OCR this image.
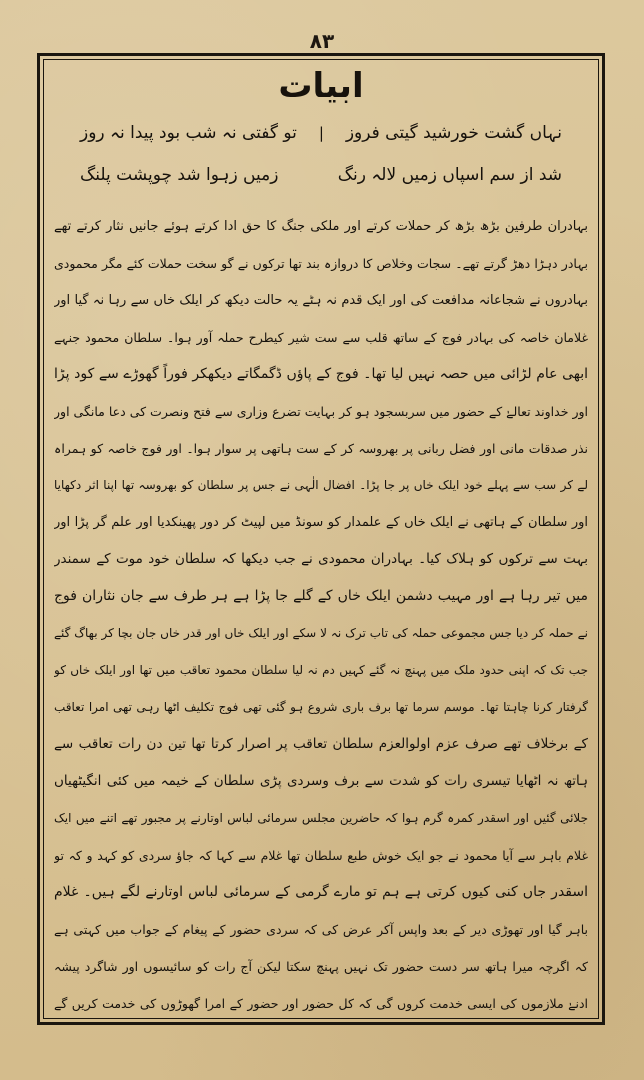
۸۳
ابیات
نہاں گشت خورشید گیتی فروز
|
تو گفتی نہ شب بود پیدا نہ روز
شد از سم اسپاں زمیں لالہ رنگ
زمیں زہوا شد چوپشت پلنگ
بہادران طرفین بڑھ بڑھ کر حملات کرتے اور ملکی جنگ کا حق ادا کرتے ہوئے جانیں نثار کرتے تھے
بہادر دہڑا دھڑ گرتے تھے۔ سجات وخلاص کا دروازہ بند تھا ترکوں نے گو سخت حملات کئے مگر محمودی
بہادروں نے شجاعانہ مدافعت کی اور ایک قدم نہ ہٹے یہ حالت دیکھ کر ایلک خاں سے رہا نہ گیا اور
غلامان خاصہ کی بہادر فوج کے ساتھ قلب سے ست شیر کیطرح حملہ آور ہوا۔ سلطان محمود جنہے
ابھی عام لڑائی میں حصہ نہیں لیا تھا۔ فوج کے پاؤں ڈگمگاتے دیکھکر فوراً گھوڑے سے کود پڑا
اور خداوند تعالےٰ کے حضور میں سربسجود ہو کر بہایت تضرع وزاری سے فتح ونصرت کی دعا مانگی اور
نذر صدقات مانی اور فضل ربانی پر بھروسہ کر کے ست ہاتھی پر سوار ہوا۔ اور فوج خاصہ کو ہمراہ
لے کر سب سے پہلے خود ایلک خاں پر جا پڑا۔ افضال الٰہی نے جس پر سلطان کو بھروسہ تھا اپنا اثر دکھایا
اور سلطان کے ہاتھی نے ایلک خاں کے علمدار کو سونڈ میں لپیٹ کر دور پھینکدیا اور علم گر پڑا اور
بہت سے ترکوں کو ہلاک کیا۔ بہادران محمودی نے جب دیکھا کہ سلطان خود موت کے سمندر
میں تیر رہا ہے اور مہیب دشمن ایلک خاں کے گلے جا پڑا ہے ہر طرف سے جان نثاران فوج
نے حملہ کر دیا جس مجموعی حملہ کی تاب ترک نہ لا سکے اور ایلک خاں اور قدر خاں جان بچا کر بھاگ گئے
جب تک کہ اپنی حدود ملک میں پہنچ نہ گئے کہیں دم نہ لیا سلطان محمود تعاقب میں تھا اور ایلک خاں کو
گرفتار کرنا چاہتا تھا۔ موسم سرما تھا برف باری شروع ہو گئی تھی فوج تکلیف اٹھا رہی تھی امرا تعاقب
کے برخلاف تھے صرف عزم اولوالعزم سلطان تعاقب پر اصرار کرتا تھا تین دن رات تعاقب سے
ہاتھ نہ اٹھایا تیسری رات کو شدت سے برف وسردی پڑی سلطان کے خیمہ میں کئی انگیٹھیاں
جلائی گئیں اور اسقدر کمرہ گرم ہوا کہ حاضرین مجلس سرمائی لباس اوتارنے پر مجبور تھے اتنے میں ایک
غلام باہر سے آیا محمود نے جو ایک خوش طبع سلطان تھا غلام سے کہا کہ جاؤ سردی کو کہد و کہ تو
اسقدر جاں کنی کیوں کرتی ہے ہم تو مارے گرمی کے سرمائی لباس اوتارنے لگے ہیں۔ غلام
باہر گیا اور تھوڑی دیر کے بعد واپس آکر عرض کی کہ سردی حضور کے پیغام کے جواب میں کہتی ہے
کہ اگرچہ میرا ہاتھ سر دست حضور تک نہیں پہنچ سکتا لیکن آج رات کو سائیسوں اور شاگرد پیشہ
ادنےٰ ملازموں کی ایسی خدمت کروں گی کہ کل حضور اور حضور کے امرا گھوڑوں کی خدمت کریں گے
